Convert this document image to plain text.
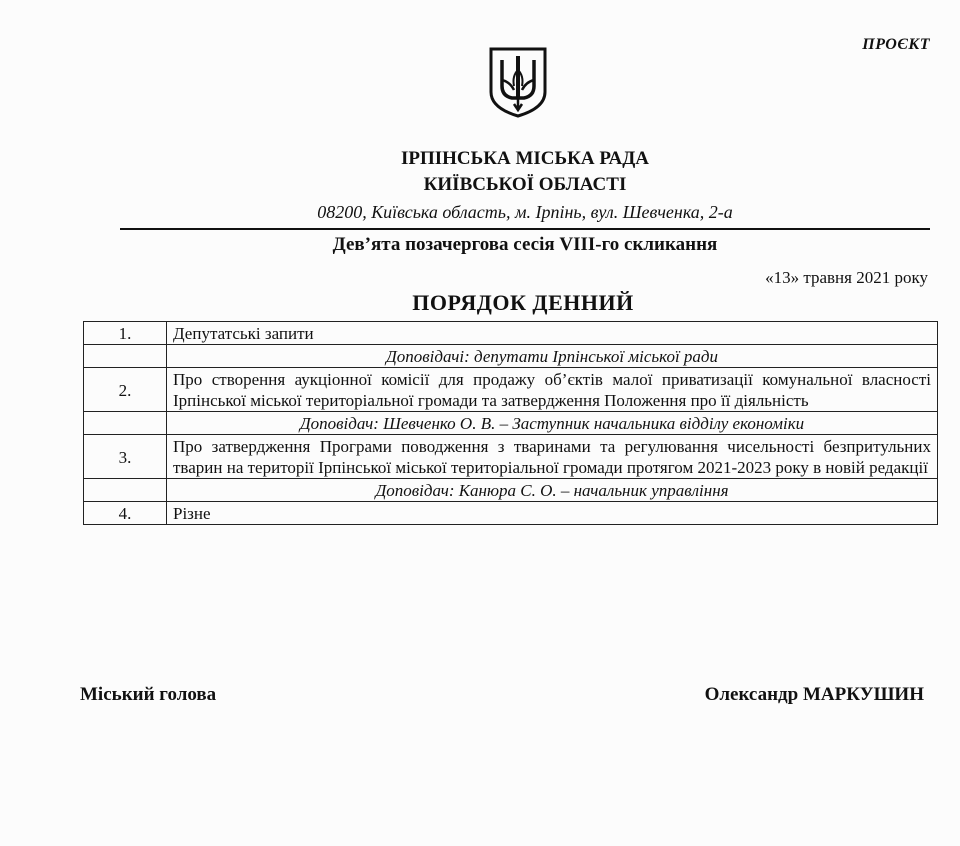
ПРОЄКТ
ІРПІНСЬКА МІСЬКА РАДА
КИЇВСЬКОЇ ОБЛАСТІ
08200, Київська область, м. Ірпінь, вул. Шевченка, 2-а
Дев’ята позачергова сесія VIII-го скликання
«13» травня 2021 року
ПОРЯДОК ДЕННИЙ
1.	Депутатські запити
	Доповідачі: депутати Ірпінської міської ради
2.	Про створення аукціонної комісії для продажу об’єктів малої приватизації комунальної власності Ірпінської міської територіальної громади та затвердження Положення про її діяльність
	Доповідач: Шевченко О. В. – Заступник начальника відділу економіки
3.	Про затвердження Програми поводження з тваринами та регулювання чисельності безпритульних тварин на території Ірпінської міської територіальної громади протягом 2021-2023 року в новій редакції
	Доповідач: Канюра С. О. – начальник управління
4.	Різне
Міський голова	Олександр МАРКУШИН
